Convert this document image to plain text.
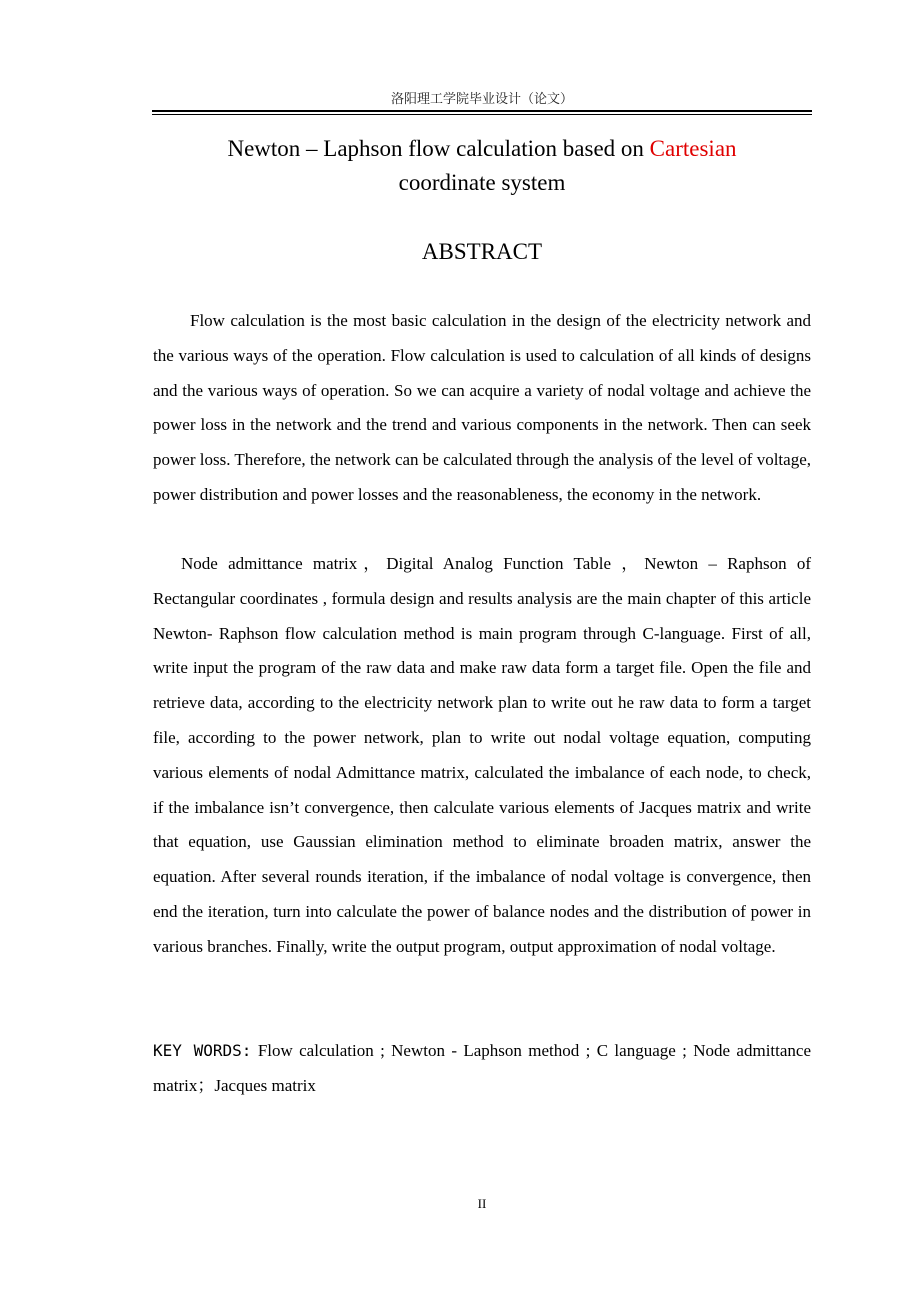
洛阳理工学院毕业设计（论文）
Newton – Laphson flow calculation based on Cartesian
coordinate system
ABSTRACT

Flow calculation is the most basic calculation in the design of the electricity network and the various ways of the operation. Flow calculation is used to calculation of all kinds of designs and the various ways of operation. So we can acquire a variety of nodal voltage and achieve the power loss in the network and the trend and various components in the network. Then can seek power loss. Therefore, the network can be calculated through the analysis of the level of voltage, power distribution and power losses and the reasonableness, the economy in the network.

Node admittance matrix，Digital Analog Function Table ，Newton – Raphson of Rectangular coordinates , formula design and results analysis are the main chapter of this article Newton- Raphson flow calculation method is main program through C-language. First of all, write input the program of the raw data and make raw data form a target file. Open the file and retrieve data, according to the electricity network plan to write out he raw data to form a target file, according to the power network, plan to write out nodal voltage equation, computing various elements of nodal Admittance matrix, calculated the imbalance of each node, to check, if the imbalance isn’t convergence, then calculate various elements of Jacques matrix and write that equation, use Gaussian elimination method to eliminate broaden matrix, answer the equation. After several rounds iteration, if the imbalance of nodal voltage is convergence, then end the iteration, turn into calculate the power of balance nodes and the distribution of power in various branches. Finally, write the output program, output approximation of nodal voltage.

KEY WORDS: Flow calculation ; Newton - Laphson method ; C language ; Node admittance matrix；Jacques matrix

II
